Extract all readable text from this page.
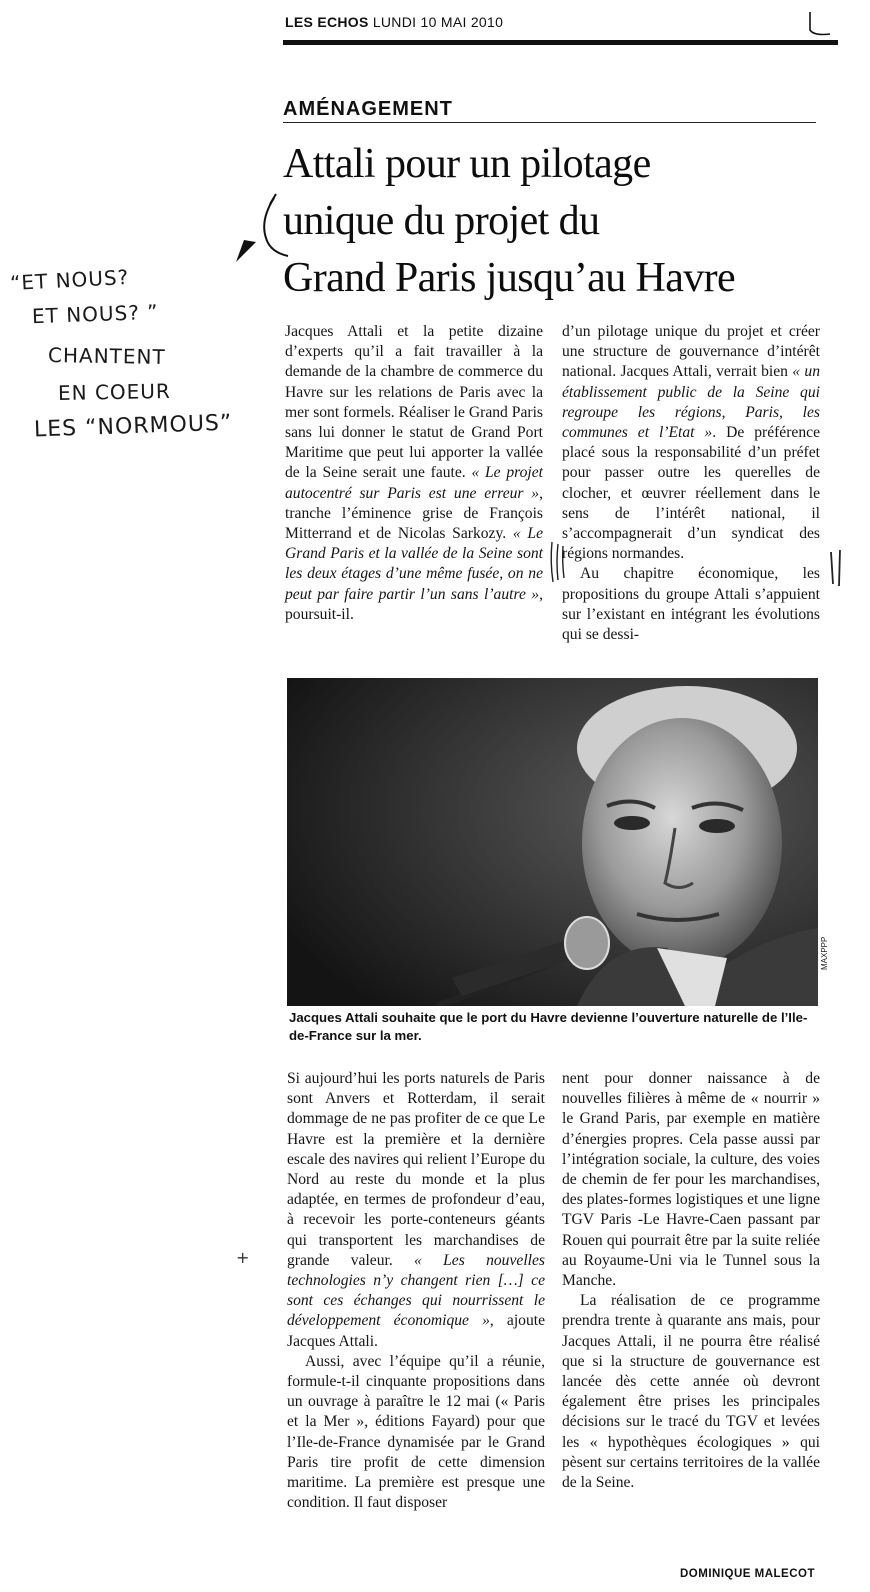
LES ECHOS LUNDI 10 MAI 2010
AMÉNAGEMENT
Attali pour un pilotage
unique du projet du
Grand Paris jusqu’au Havre
“ET NOUS?
ET NOUS? ”
CHANTENT
EN COEUR
LES “NORMOUS”

Jacques Attali et la petite dizaine d’experts qu’il a fait travailler à la demande de la chambre de commerce du Havre sur les relations de Paris avec la mer sont formels. Réaliser le Grand Paris sans lui donner le statut de Grand Port Maritime que peut lui apporter la vallée de la Seine serait une faute. « Le projet autocentré sur Paris est une erreur », tranche l’éminence grise de François Mitterrand et de Nicolas Sarkozy. « Le Grand Paris et la vallée de la Seine sont les deux étages d’une même fusée, on ne peut par faire partir l’un sans l’autre », poursuit-il.

d’un pilotage unique du projet et créer une structure de gouvernance d’intérêt national. Jacques Attali, verrait bien « un établissement public de la Seine qui regroupe les régions, Paris, les communes et l’Etat ». De préférence placé sous la responsabilité d’un préfet pour passer outre les querelles de clocher, et œuvrer réellement dans le sens de l’intérêt national, il s’accompagnerait d’un syndicat des régions normandes.

Au chapitre économique, les propositions du groupe Attali s’appuient sur l’existant en intégrant les évolutions qui se dessi-

MAXPPP
Jacques Attali souhaite que le port du Havre devienne l’ouverture naturelle de l’Ile-de-France sur la mer.

Si aujourd’hui les ports naturels de Paris sont Anvers et Rotterdam, il serait dommage de ne pas profiter de ce que Le Havre est la première et la dernière escale des navires qui relient l’Europe du Nord au reste du monde et la plus adaptée, en termes de profondeur d’eau, à recevoir les porte-conteneurs géants qui transportent les marchandises de grande valeur. « Les nouvelles technologies n’y changent rien […] ce sont ces échanges qui nourrissent le développement économique », ajoute Jacques Attali.

Aussi, avec l’équipe qu’il a réunie, formule-t-il cinquante propositions dans un ouvrage à paraître le 12 mai (« Paris et la Mer », éditions Fayard) pour que l’Ile-de-France dynamisée par le Grand Paris tire profit de cette dimension maritime. La première est presque une condition. Il faut disposer

nent pour donner naissance à de nouvelles filières à même de « nourrir » le Grand Paris, par exemple en matière d’énergies propres. Cela passe aussi par l’intégration sociale, la culture, des voies de chemin de fer pour les marchandises, des plates-formes logistiques et une ligne TGV Paris -Le Havre-Caen passant par Rouen qui pourrait être par la suite reliée au Royaume-Uni via le Tunnel sous la Manche.

La réalisation de ce programme prendra trente à quarante ans mais, pour Jacques Attali, il ne pourra être réalisé que si la structure de gouvernance est lancée dès cette année où devront également être prises les principales décisions sur le tracé du TGV et levées les « hypothèques écologiques » qui pèsent sur certains territoires de la vallée de la Seine.

+
DOMINIQUE MALECOT
